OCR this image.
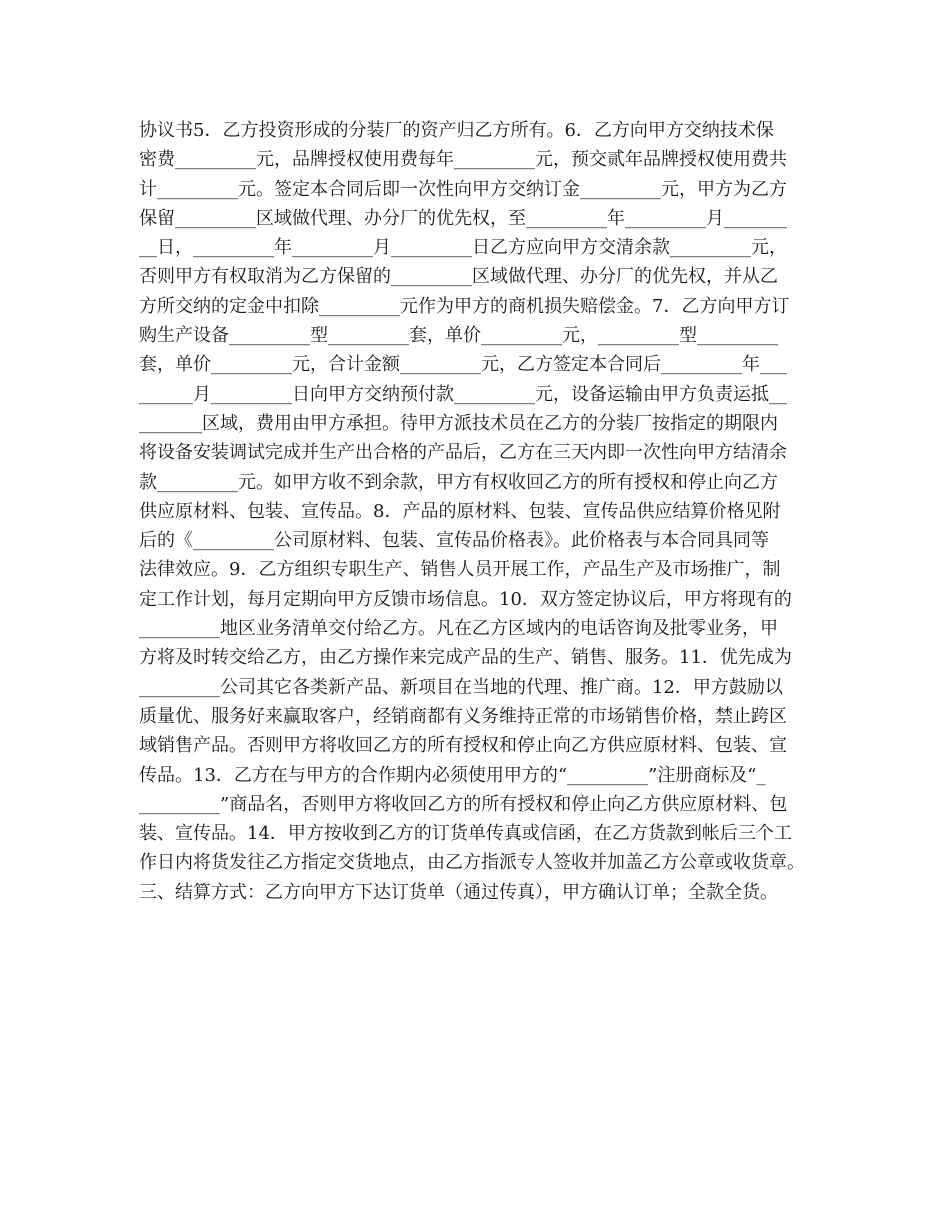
协议书5．乙方投资形成的分装厂的资产归乙方所有。6．乙方向甲方交纳技术保
密费_________元，品牌授权使用费每年_________元，预交贰年品牌授权使用费共
计_________元。签定本合同后即一次性向甲方交纳订金_________元，甲方为乙方
保留_________区域做代理、办分厂的优先权，至_________年_________月_______
__日，_________年_________月_________日乙方应向甲方交清余款_________元，
否则甲方有权取消为乙方保留的_________区域做代理、办分厂的优先权，并从乙
方所交纳的定金中扣除_________元作为甲方的商机损失赔偿金。7．乙方向甲方订
购生产设备_________型_________套，单价_________元，_________型_________
套，单价_________元，合计金额_________元，乙方签定本合同后_________年___
______月_________日向甲方交纳预付款_________元，设备运输由甲方负责运抵__
_______区域，费用由甲方承担。待甲方派技术员在乙方的分装厂按指定的期限内
将设备安装调试完成并生产出合格的产品后，乙方在三天内即一次性向甲方结清余
款_________元。如甲方收不到余款，甲方有权收回乙方的所有授权和停止向乙方
供应原材料、包装、宣传品。8．产品的原材料、包装、宣传品供应结算价格见附
后的《_________公司原材料、包装、宣传品价格表》。此价格表与本合同具同等
法律效应。9．乙方组织专职生产、销售人员开展工作，产品生产及市场推广，制
定工作计划，每月定期向甲方反馈市场信息。10．双方签定协议后，甲方将现有的
_________地区业务清单交付给乙方。凡在乙方区域内的电话咨询及批零业务，甲
方将及时转交给乙方，由乙方操作来完成产品的生产、销售、服务。11．优先成为
_________公司其它各类新产品、新项目在当地的代理、推广商。12．甲方鼓励以
质量优、服务好来赢取客户，经销商都有义务维持正常的市场销售价格，禁止跨区
域销售产品。否则甲方将收回乙方的所有授权和停止向乙方供应原材料、包装、宣
传品。13．乙方在与甲方的合作期内必须使用甲方的“_________”注册商标及“_
_________”商品名，否则甲方将收回乙方的所有授权和停止向乙方供应原材料、包
装、宣传品。14．甲方按收到乙方的订货单传真或信函，在乙方货款到帐后三个工
作日内将货发往乙方指定交货地点，由乙方指派专人签收并加盖乙方公章或收货章。
三、结算方式：乙方向甲方下达订货单（通过传真），甲方确认订单；全款全货。
